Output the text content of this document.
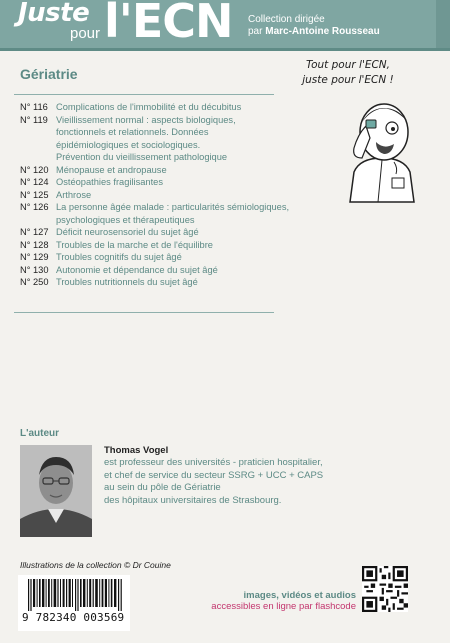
Juste
pour l'ECN Collection dirigée
par Marc-Antoine Rousseau
Gériatrie
Tout pour l'ECN,
juste pour l'ECN !
N° 116 Complications de l'immobilité et du décubitus
N° 119 Vieillissement normal : aspects biologiques,
fonctionnels et relationnels. Données
épidémiologiques et sociologiques.
Prévention du vieillissement pathologique
N° 120 Ménopause et andropause
N° 124 Ostéopathies fragilisantes
N° 125 Arthrose
N° 126 La personne âgée malade : particularités sémiologiques,
psychologiques et thérapeutiques
N° 127 Déficit neurosensoriel du sujet âgé
N° 128 Troubles de la marche et de l'équilibre
N° 129 Troubles cognitifs du sujet âgé
N° 130 Autonomie et dépendance du sujet âgé
N° 250 Troubles nutritionnels du sujet âgé
L'auteur
Thomas Vogel
est professeur des universités - praticien hospitalier,
et chef de service du secteur SSRG + UCC + CAPS
au sein du pôle de Gériatrie
des hôpitaux universitaires de Strasbourg.
Illustrations de la collection © Dr Couine
9 782340 003569
images, vidéos et audios
accessibles en ligne par flashcode
